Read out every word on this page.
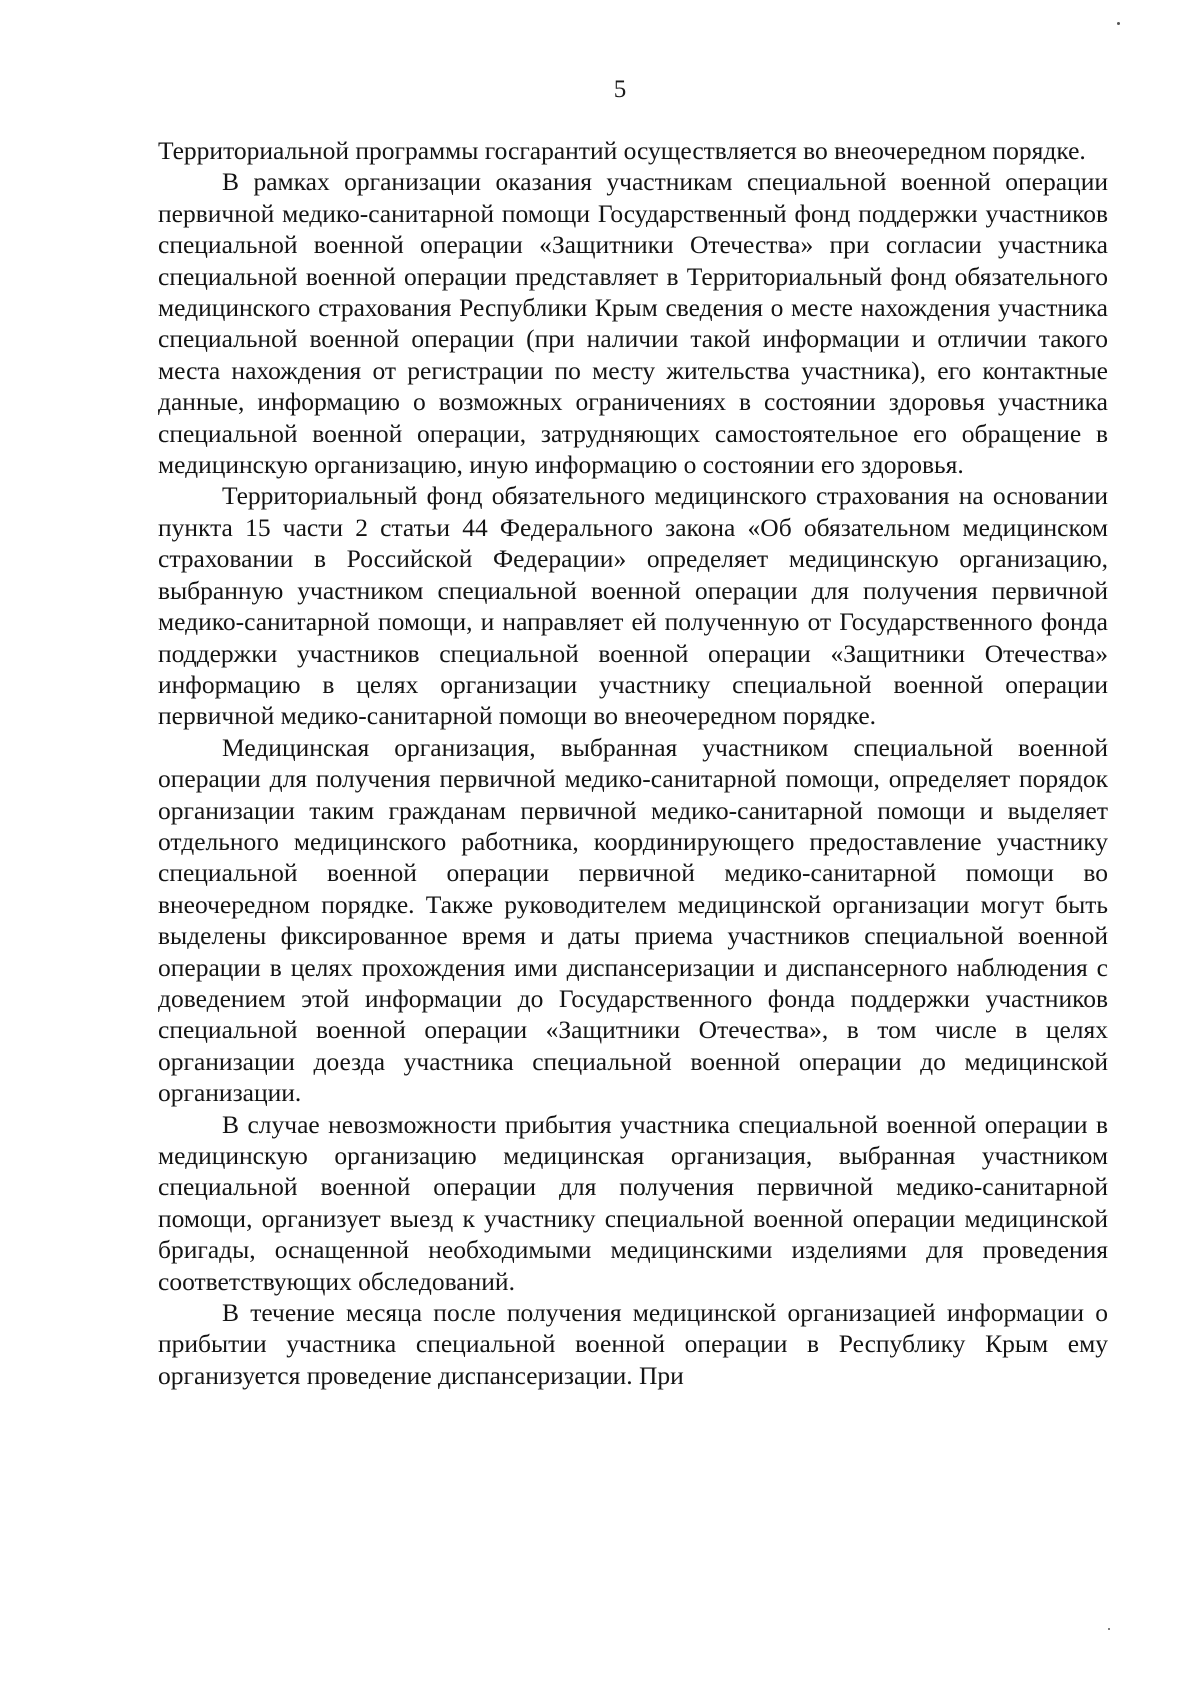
5

Территориальной программы госгарантий осуществляется во внеочередном порядке.

В рамках организации оказания участникам специальной военной операции первичной медико-санитарной помощи Государственный фонд поддержки участников специальной военной операции «Защитники Отечества» при согласии участника специальной военной операции представляет в Территориальный фонд обязательного медицинского страхования Республики Крым сведения о месте нахождения участника специальной военной операции (при наличии такой информации и отличии такого места нахождения от регистрации по месту жительства участника), его контактные данные, информацию о возможных ограничениях в состоянии здоровья участника специальной военной операции, затрудняющих самостоятельное его обращение в медицинскую организацию, иную информацию о состоянии его здоровья.

Территориальный фонд обязательного медицинского страхования на основании пункта 15 части 2 статьи 44 Федерального закона «Об обязательном медицинском страховании в Российской Федерации» определяет медицинскую организацию, выбранную участником специальной военной операции для получения первичной медико-санитарной помощи, и направляет ей полученную от Государственного фонда поддержки участников специальной военной операции «Защитники Отечества» информацию в целях организации участнику специальной военной операции первичной медико-санитарной помощи во внеочередном порядке.

Медицинская организация, выбранная участником специальной военной операции для получения первичной медико-санитарной помощи, определяет порядок организации таким гражданам первичной медико-санитарной помощи и выделяет отдельного медицинского работника, координирующего предоставление участнику специальной военной операции первичной медико-санитарной помощи во внеочередном порядке. Также руководителем медицинской организации могут быть выделены фиксированное время и даты приема участников специальной военной операции в целях прохождения ими диспансеризации и диспансерного наблюдения с доведением этой информации до Государственного фонда поддержки участников специальной военной операции «Защитники Отечества», в том числе в целях организации доезда участника специальной военной операции до медицинской организации.

В случае невозможности прибытия участника специальной военной операции в медицинскую организацию медицинская организация, выбранная участником специальной военной операции для получения первичной медико-санитарной помощи, организует выезд к участнику специальной военной операции медицинской бригады, оснащенной необходимыми медицинскими изделиями для проведения соответствующих обследований.

В течение месяца после получения медицинской организацией информации о прибытии участника специальной военной операции в Республику Крым ему организуется проведение диспансеризации. При
